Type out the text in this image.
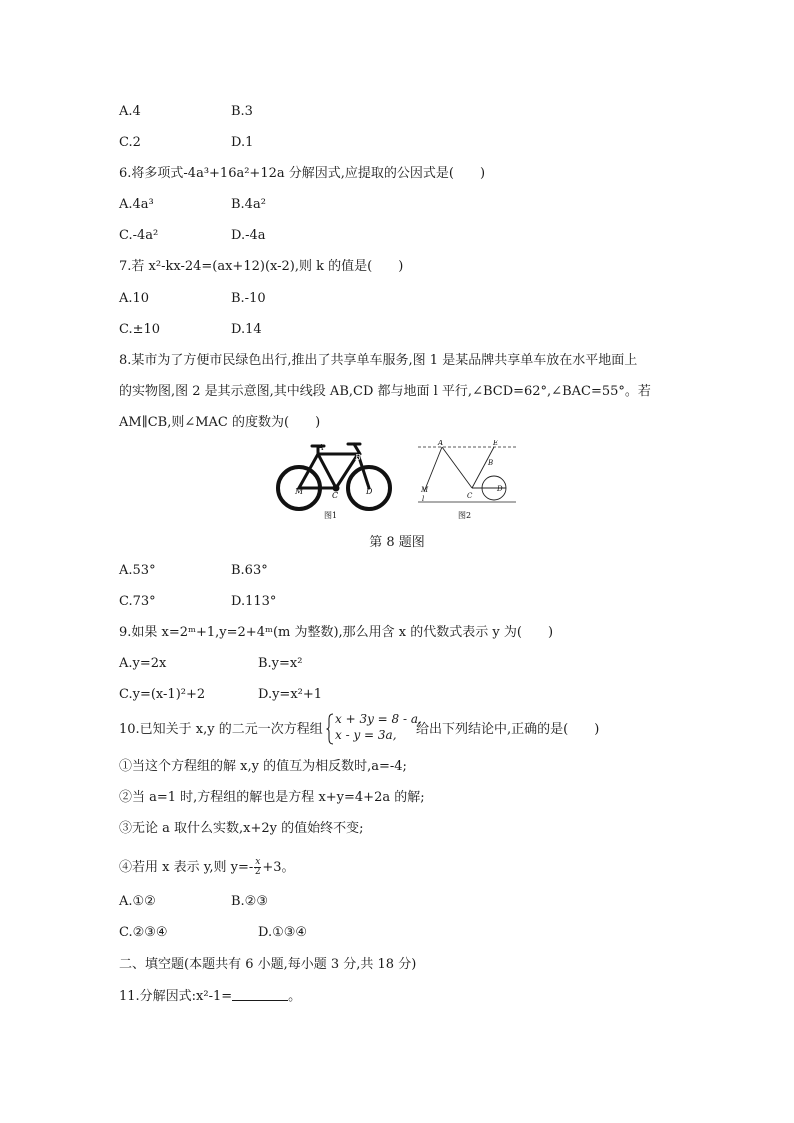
A.4	B.3
C.2	D.1
6.将多项式-4a³+16a²+12a 分解因式,应提取的公因式是(　　)
A.4a³	B.4a²
C.-4a²	D.-4a
7.若 x²-kx-24=(ax+12)(x-2),则 k 的值是(　　)
A.10	B.-10
C.±10	D.14
8.某市为了方便市民绿色出行,推出了共享单车服务,图 1 是某品牌共享单车放在水平地面上
的实物图,图 2 是其示意图,其中线段 AB,CD 都与地面 l 平行,∠BCD=62°,∠BAC=55°。若
AM∥CB,则∠MAC 的度数为(　　)
A
B
M	C	D
图1
A	E
B
M
l	C
D
图2
第 8 题图
A.53°	B.63°
C.73°	D.113°
9.如果 x=2ᵐ+1,y=2+4ᵐ(m 为整数),那么用含 x 的代数式表示 y 为(　　)
A.y=2x	B.y=x²
C.y=(x-1)²+2	D.y=x²+1
10.已知关于 x,y 的二元一次方程组
x + 3y = 8 - a,
x - y = 3a, 给出下列结论中,正确的是(　　)
①当这个方程组的解 x,y 的值互为相反数时,a=-4;
②当 a=1 时,方程组的解也是方程 x+y=4+2a 的解;
③无论 a 取什么实数,x+2y 的值始终不变;
④若用 x 表示 y,则 $y=- \frac{x}{2} +3$。
A.①②	B.②③
C.②③④	D.①③④
二、填空题(本题共有 6 小题,每小题 3 分,共 18 分)
11.分解因式:x²-1=	。
